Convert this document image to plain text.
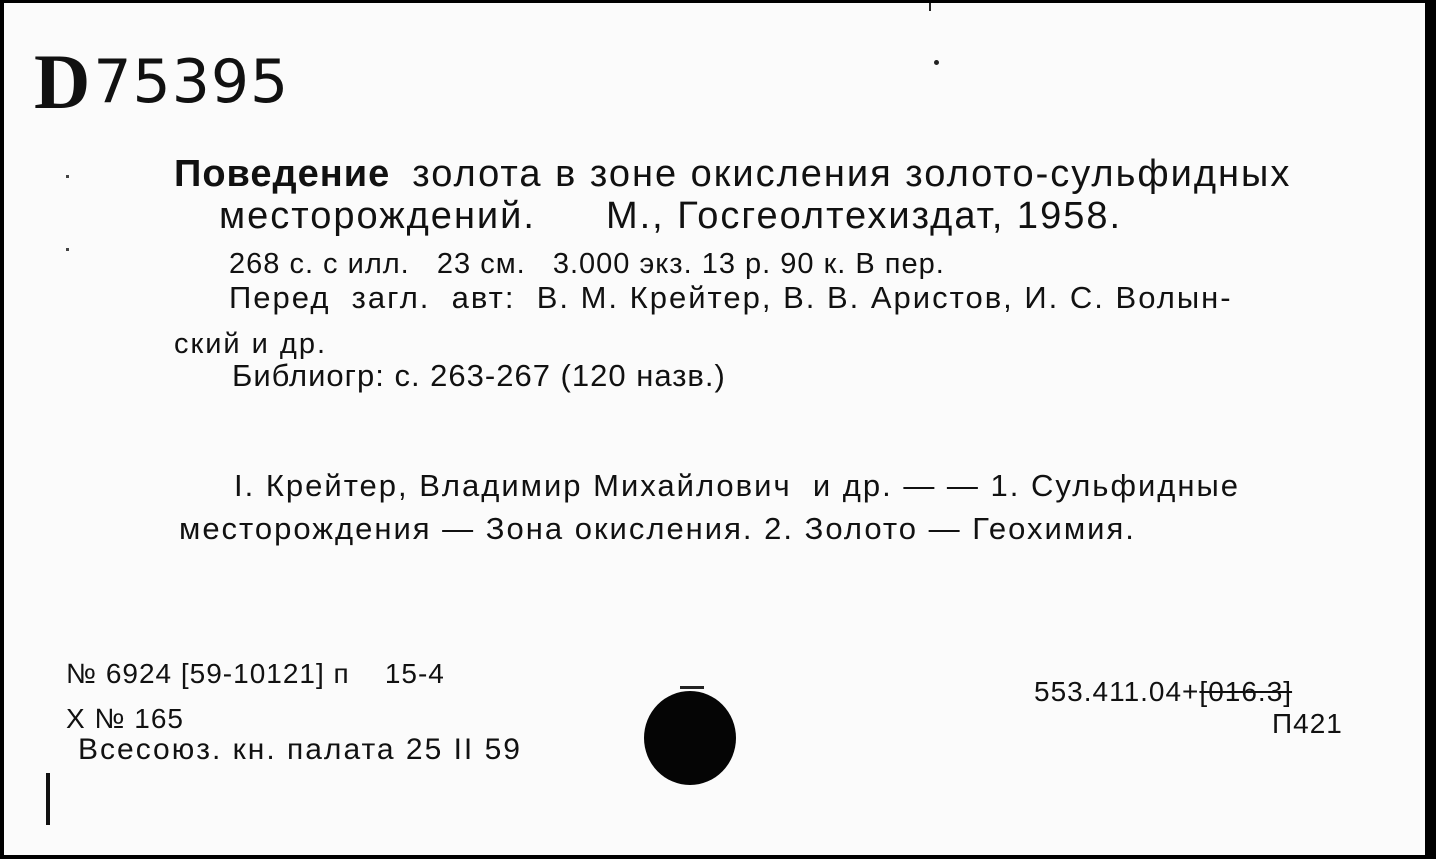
D75395
Поведение золота в зоне окисления золото-сульфидных
месторождений. М., Госгеолтехиздат, 1958.
268 с. с илл.   23 см.   3.000 экз. 13 р. 90 к. В пер.
Перед  загл.  авт:  В. М. Крейтер, В. В. Аристов, И. С. Волын-
ский и др.
Библиогр: с. 263-267 (120 назв.)
I. Крейтер, Владимир Михайлович  и др. — — 1. Сульфидные
месторождения — Зона окисления. 2. Золото — Геохимия.
№ 6924 [59-10121] п    15-4
X № 165
Всесоюз. кн. палата 25 II 59
553.411.04+[016.3]
П421
